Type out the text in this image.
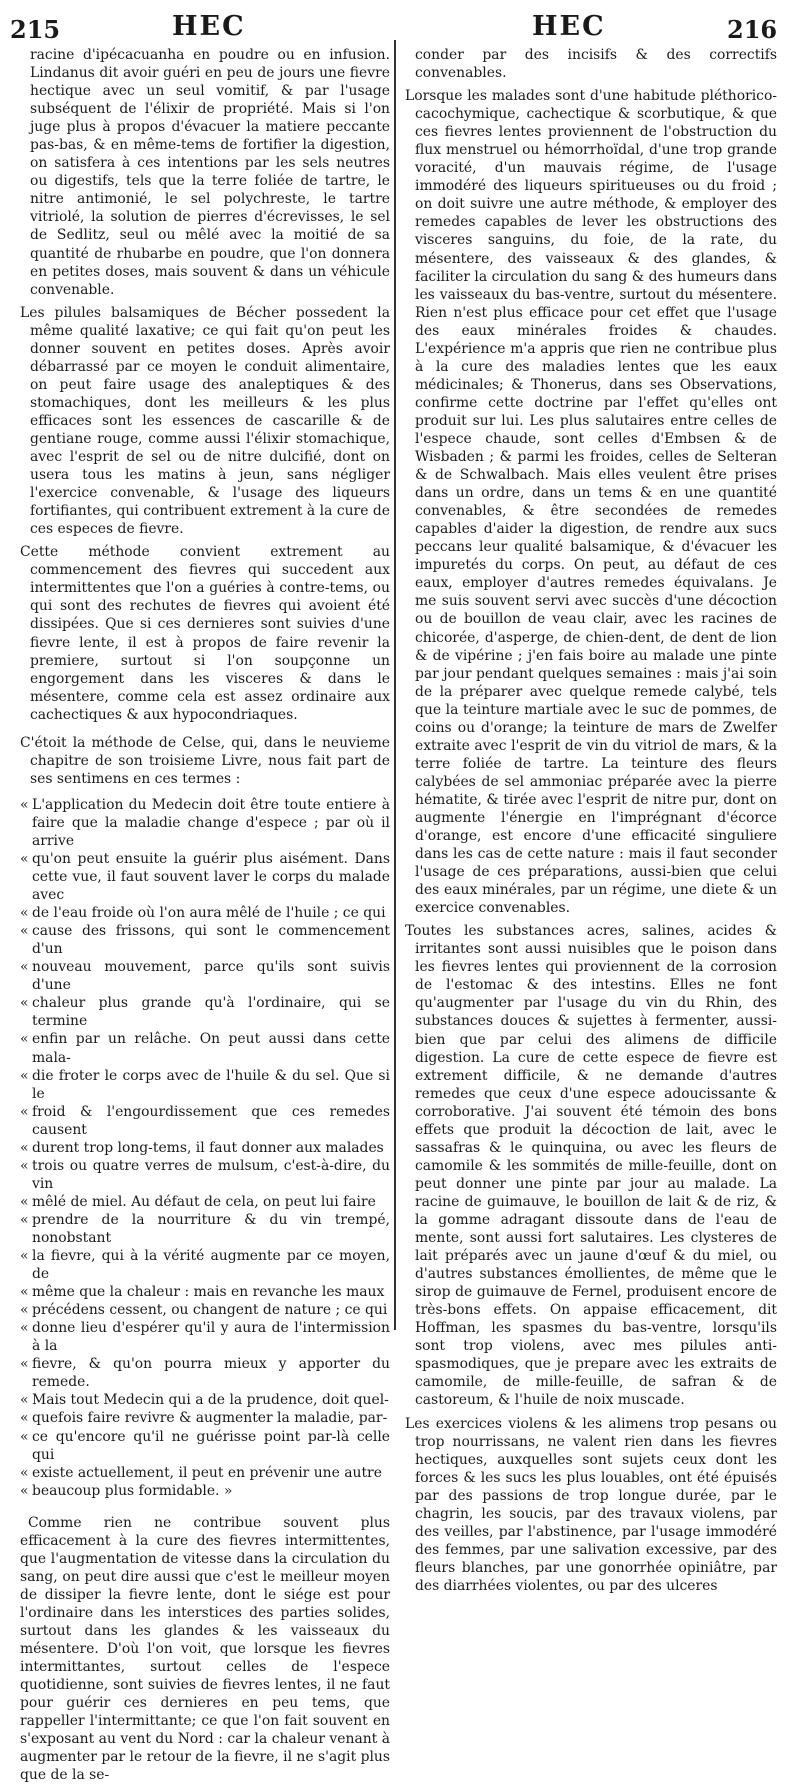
215	HEC	HEC	216

racine d'ipécacuanha en poudre ou en infusion. Lindanus dit avoir guéri en peu de jours une fievre hectique avec un seul vomitif, & par l'usage subséquent de l'élixir de propriété. Mais si l'on juge plus à propos d'évacuer la matiere peccante pas-bas, & en même-tems de fortifier la digestion, on satisfera à ces intentions par les sels neutres ou digestifs, tels que la terre foliée de tartre, le nitre antimonié, le sel polychreste, le tartre vitriolé, la solution de pierres d'écrevisses, le sel de Sedlitz, seul ou mêlé avec la moitié de sa quantité de rhubarbe en poudre, que l'on donnera en petites doses, mais souvent & dans un véhicule convenable.

Les pilules balsamiques de Bécher possedent la même qualité laxative; ce qui fait qu'on peut les donner souvent en petites doses. Après avoir débarrassé par ce moyen le conduit alimentaire, on peut faire usage des analeptiques & des stomachiques, dont les meilleurs & les plus efficaces sont les essences de cascarille & de gentiane rouge, comme aussi l'élixir stomachique, avec l'esprit de sel ou de nitre dulcifié, dont on usera tous les matins à jeun, sans négliger l'exercice convenable, & l'usage des liqueurs fortifiantes, qui contribuent extrement à la cure de ces especes de fievre.

Cette méthode convient extrement au commencement des fievres qui succedent aux intermittentes que l'on a guéries à contre-tems, ou qui sont des rechutes de fievres qui avoient été dissipées. Que si ces dernieres sont suivies d'une fievre lente, il est à propos de faire revenir la premiere, surtout si l'on soupçonne un engorgement dans les visceres & dans le mésentere, comme cela est assez ordinaire aux cachectiques & aux hypocondriaques.

C'étoit la méthode de Celse, qui, dans le neuvieme chapitre de son troisieme Livre, nous fait part de ses sentimens en ces termes :

« L'application du Medecin doit être toute entiere à faire que la maladie change d'espece ; par où il arrive
« qu'on peut ensuite la guérir plus aisément. Dans cette vue, il faut souvent laver le corps du malade avec
« de l'eau froide où l'on aura mêlé de l'huile ; ce qui
« cause des frissons, qui sont le commencement d'un
« nouveau mouvement, parce qu'ils sont suivis d'une
« chaleur plus grande qu'à l'ordinaire, qui se termine
« enfin par un relâche. On peut aussi dans cette mala-
« die froter le corps avec de l'huile & du sel. Que si le
« froid & l'engourdissement que ces remedes causent
« durent trop long-tems, il faut donner aux malades
« trois ou quatre verres de mulsum, c'est-à-dire, du vin
« mêlé de miel. Au défaut de cela, on peut lui faire
« prendre de la nourriture & du vin trempé, nonobstant
« la fievre, qui à la vérité augmente par ce moyen, de
« même que la chaleur : mais en revanche les maux
« précédens cessent, ou changent de nature ; ce qui
« donne lieu d'espérer qu'il y aura de l'intermission à la
« fievre, & qu'on pourra mieux y apporter du remede.
« Mais tout Medecin qui a de la prudence, doit quel-
« quefois faire revivre & augmenter la maladie, par-
« ce qu'encore qu'il ne guérisse point par-là celle qui
« existe actuellement, il peut en prévenir une autre
« beaucoup plus formidable. »

Comme rien ne contribue souvent plus efficacement à la cure des fievres intermittentes, que l'augmentation de vitesse dans la circulation du sang, on peut dire aussi que c'est le meilleur moyen de dissiper la fievre lente, dont le siége est pour l'ordinaire dans les interstices des parties solides, surtout dans les glandes & les vaisseaux du mésentere. D'où l'on voit, que lorsque les fievres intermittantes, surtout celles de l'espece quotidienne, sont suivies de fievres lentes, il ne faut pour guérir ces dernieres en peu tems, que rappeller l'intermittante; ce que l'on fait souvent en s'exposant au vent du Nord : car la chaleur venant à augmenter par le retour de la fievre, il ne s'agit plus que de la se-

conder par des incisifs & des correctifs convenables.

Lorsque les malades sont d'une habitude pléthorico-cacochymique, cachectique & scorbutique, & que ces fievres lentes proviennent de l'obstruction du flux menstruel ou hémorrhoïdal, d'une trop grande voracité, d'un mauvais régime, de l'usage immodéré des liqueurs spiritueuses ou du froid ; on doit suivre une autre méthode, & employer des remedes capables de lever les obstructions des visceres sanguins, du foie, de la rate, du mésentere, des vaisseaux & des glandes, & faciliter la circulation du sang & des humeurs dans les vaisseaux du bas-ventre, surtout du mésentere. Rien n'est plus efficace pour cet effet que l'usage des eaux minérales froides & chaudes. L'expérience m'a appris que rien ne contribue plus à la cure des maladies lentes que les eaux médicinales; & Thonerus, dans ses Observations, confirme cette doctrine par l'effet qu'elles ont produit sur lui. Les plus salutaires entre celles de l'espece chaude, sont celles d'Embsen & de Wisbaden ; & parmi les froides, celles de Selteran & de Schwalbach. Mais elles veulent être prises dans un ordre, dans un tems & en une quantité convenables, & être secondées de remedes capables d'aider la digestion, de rendre aux sucs peccans leur qualité balsamique, & d'évacuer les impuretés du corps. On peut, au défaut de ces eaux, employer d'autres remedes équivalans. Je me suis souvent servi avec succès d'une décoction ou de bouillon de veau clair, avec les racines de chicorée, d'asperge, de chien-dent, de dent de lion & de vipérine ; j'en fais boire au malade une pinte par jour pendant quelques semaines : mais j'ai soin de la préparer avec quelque remede calybé, tels que la teinture martiale avec le suc de pommes, de coins ou d'orange; la teinture de mars de Zwelfer extraite avec l'esprit de vin du vitriol de mars, & la terre foliée de tartre. La teinture des fleurs calybées de sel ammoniac préparée avec la pierre hématite, & tirée avec l'esprit de nitre pur, dont on augmente l'énergie en l'imprégnant d'écorce d'orange, est encore d'une efficacité singuliere dans les cas de cette nature : mais il faut seconder l'usage de ces préparations, aussi-bien que celui des eaux minérales, par un régime, une diete & un exercice convenables.

Toutes les substances acres, salines, acides & irritantes sont aussi nuisibles que le poison dans les fievres lentes qui proviennent de la corrosion de l'estomac & des intestins. Elles ne font qu'augmenter par l'usage du vin du Rhin, des substances douces & sujettes à fermenter, aussi-bien que par celui des alimens de difficile digestion. La cure de cette espece de fievre est extrement difficile, & ne demande d'autres remedes que ceux d'une espece adoucissante & corroborative. J'ai souvent été témoin des bons effets que produit la décoction de lait, avec le sassafras & le quinquina, ou avec les fleurs de camomile & les sommités de mille-feuille, dont on peut donner une pinte par jour au malade. La racine de guimauve, le bouillon de lait & de riz, & la gomme adragant dissoute dans de l'eau de mente, sont aussi fort salutaires. Les clysteres de lait préparés avec un jaune d'œuf & du miel, ou d'autres substances émollientes, de même que le sirop de guimauve de Fernel, produisent encore de très-bons effets. On appaise efficacement, dit Hoffman, les spasmes du bas-ventre, lorsqu'ils sont trop violens, avec mes pilules anti-spasmodiques, que je prepare avec les extraits de camomile, de mille-feuille, de safran & de castoreum, & l'huile de noix muscade.

Les exercices violens & les alimens trop pesans ou trop nourrissans, ne valent rien dans les fievres hectiques, auxquelles sont sujets ceux dont les forces & les sucs les plus louables, ont été épuisés par des passions de trop longue durée, par le chagrin, les soucis, par des travaux violens, par des veilles, par l'abstinence, par l'usage immodéré des femmes, par une salivation excessive, par des fleurs blanches, par une gonorrhée opiniâtre, par des diarrhées violentes, ou par des ulceres
